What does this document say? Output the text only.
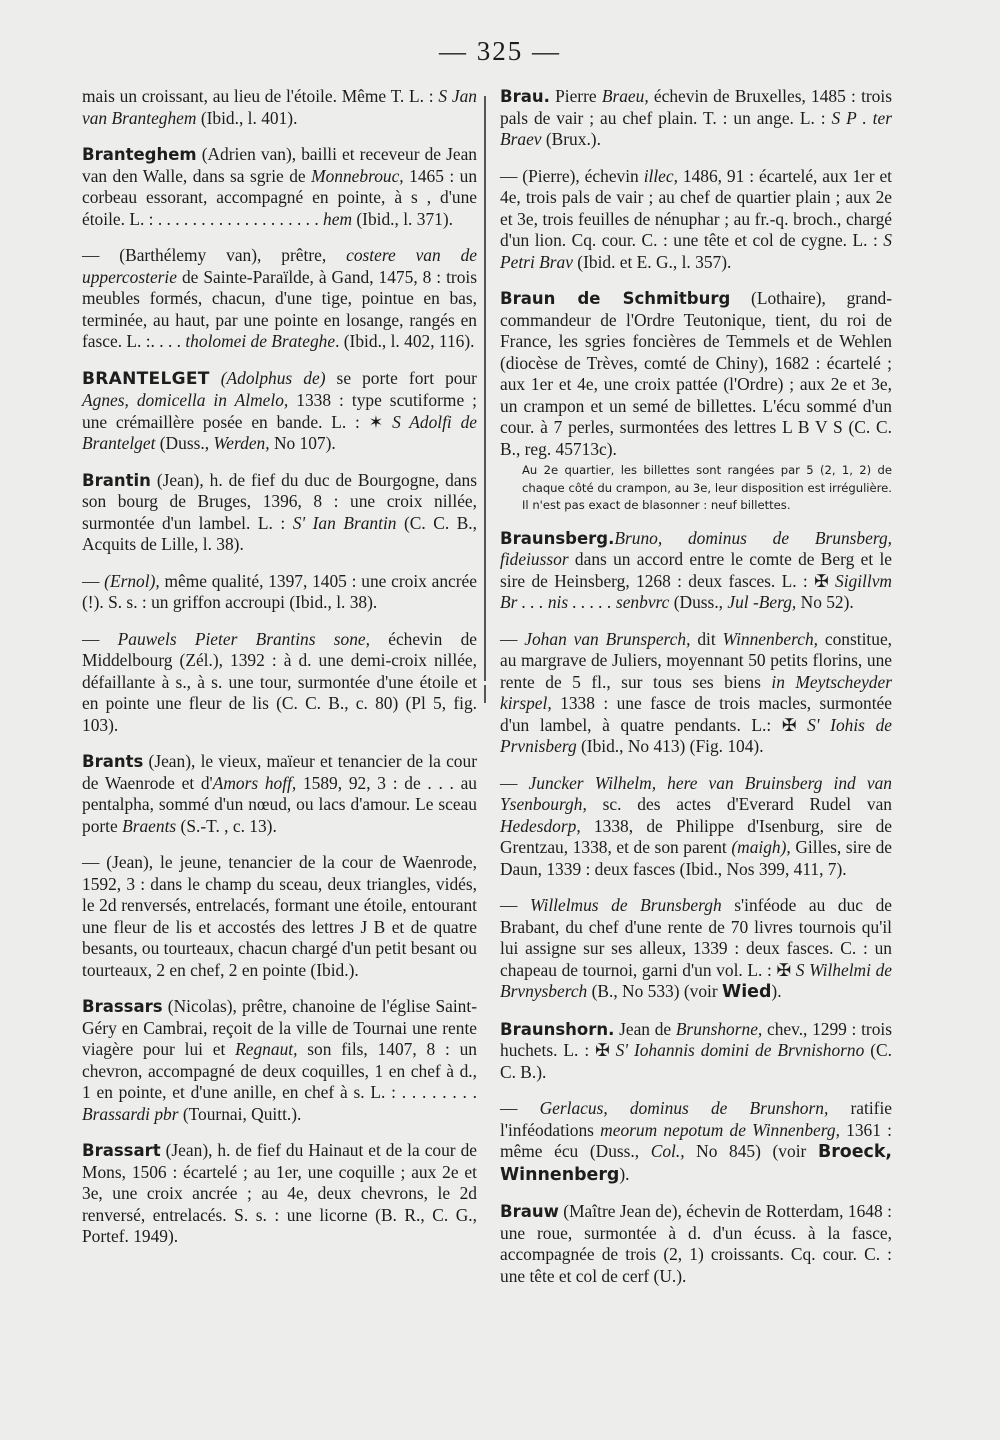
— 325 —

mais un croissant, au lieu de l'étoile. Même T. L. : S Jan van Branteghem (Ibid., l. 401).

Branteghem (Adrien van), bailli et receveur de Jean van den Walle, dans sa sgrie de Monnebrouc, 1465 : un corbeau essorant, accompagné en pointe, à s , d'une étoile. L. : . . . . . . . . . . . . . . . . . . . hem (Ibid., l. 371).

— (Barthélemy van), prêtre, costere van de uppercosterie de Sainte-Paraïlde, à Gand, 1475, 8 : trois meubles formés, chacun, d'une tige, pointue en bas, terminée, au haut, par une pointe en losange, rangés en fasce. L. :. . . . tholomei de Brateghe. (Ibid., l. 402, 116).

BRANTELGET (Adolphus de) se porte fort pour Agnes, domicella in Almelo, 1338 : type scutiforme ; une crémaillère posée en bande. L. : ✶ S Adolfi de Brantelget (Duss., Werden, No 107).

Brantin (Jean), h. de fief du duc de Bourgogne, dans son bourg de Bruges, 1396, 8 : une croix nillée, surmontée d'un lambel. L. : S' Ian Brantin (C. C. B., Acquits de Lille, l. 38).

— (Ernol), même qualité, 1397, 1405 : une croix ancrée (!). S. s. : un griffon accroupi (Ibid., l. 38).

— Pauwels Pieter Brantins sone, échevin de Middelbourg (Zél.), 1392 : à d. une demi-croix nillée, défaillante à s., à s. une tour, surmontée d'une étoile et en pointe une fleur de lis (C. C. B., c. 80) (Pl 5, fig. 103).

Brants (Jean), le vieux, maïeur et tenancier de la cour de Waenrode et d'Amors hoff, 1589, 92, 3 : de . . . au pentalpha, sommé d'un nœud, ou lacs d'amour. Le sceau porte Braents (S.-T. , c. 13).

— (Jean), le jeune, tenancier de la cour de Waenrode, 1592, 3 : dans le champ du sceau, deux triangles, vidés, le 2d renversés, entrelacés, formant une étoile, entourant une fleur de lis et accostés des lettres J B et de quatre besants, ou tourteaux, chacun chargé d'un petit besant ou tourteaux, 2 en chef, 2 en pointe (Ibid.).

Brassars (Nicolas), prêtre, chanoine de l'église Saint-Géry en Cambrai, reçoit de la ville de Tournai une rente viagère pour lui et Regnaut, son fils, 1407, 8 : un chevron, accompagné de deux coquilles, 1 en chef à d., 1 en pointe, et d'une anille, en chef à s. L. : . . . . . . . . Brassardi pbr (Tournai, Quitt.).

Brassart (Jean), h. de fief du Hainaut et de la cour de Mons, 1506 : écartelé ; au 1er, une coquille ; aux 2e et 3e, une croix ancrée ; au 4e, deux chevrons, le 2d renversé, entrelacés. S. s. : une licorne (B. R., C. G., Portef. 1949).

Brau. Pierre Braeu, échevin de Bruxelles, 1485 : trois pals de vair ; au chef plain. T. : un ange. L. : S P . ter Braev (Brux.).

— (Pierre), échevin illec, 1486, 91 : écartelé, aux 1er et 4e, trois pals de vair ; au chef de quartier plain ; aux 2e et 3e, trois feuilles de nénuphar ; au fr.-q. broch., chargé d'un lion. Cq. cour. C. : une tête et col de cygne. L. : S Petri Brav (Ibid. et E. G., l. 357).

Braun de Schmitburg (Lothaire), grand-commandeur de l'Ordre Teutonique, tient, du roi de France, les sgries foncières de Temmels et de Wehlen (diocèse de Trèves, comté de Chiny), 1682 : écartelé ; aux 1er et 4e, une croix pattée (l'Ordre) ; aux 2e et 3e, un crampon et un semé de billettes. L'écu sommé d'un cour. à 7 perles, surmontées des lettres L B V S (C. C. B., reg. 45713c).

Au 2e quartier, les billettes sont rangées par 5 (2, 1, 2) de chaque côté du crampon, au 3e, leur disposition est irrégulière. Il n'est pas exact de blasonner : neuf billettes.

Braunsberg.Bruno, dominus de Brunsberg, fideiussor dans un accord entre le comte de Berg et le sire de Heinsberg, 1268 : deux fasces. L. : ✠ Sigillvm Br . . . nis . . . . . senbvrc (Duss., Jul -Berg, No 52).

— Johan van Brunsperch, dit Winnenberch, constitue, au margrave de Juliers, moyennant 50 petits florins, une rente de 5 fl., sur tous ses biens in Meytscheyder kirspel, 1338 : une fasce de trois macles, surmontée d'un lambel, à quatre pendants. L.: ✠ S' Iohis de Prvnisberg (Ibid., No 413) (Fig. 104).

— Juncker Wilhelm, here van Bruinsberg ind van Ysenbourgh, sc. des actes d'Everard Rudel van Hedesdorp, 1338, de Philippe d'Isenburg, sire de Grentzau, 1338, et de son parent (maigh), Gilles, sire de Daun, 1339 : deux fasces (Ibid., Nos 399, 411, 7).

— Willelmus de Brunsbergh s'inféode au duc de Brabant, du chef d'une rente de 70 livres tournois qu'il lui assigne sur ses alleux, 1339 : deux fasces. C. : un chapeau de tournoi, garni d'un vol. L. : ✠ S Wilhelmi de Brvnysberch (B., No 533) (voir Wied).

Braunshorn. Jean de Brunshorne, chev., 1299 : trois huchets. L. : ✠ S' Iohannis domini de Brvnishorno (C. C. B.).

— Gerlacus, dominus de Brunshorn, ratifie l'inféodations meorum nepotum de Winnenberg, 1361 : même écu (Duss., Col., No 845) (voir Broeck, Winnenberg).

Brauw (Maître Jean de), échevin de Rotterdam, 1648 : une roue, surmontée à d. d'un écuss. à la fasce, accompagnée de trois (2, 1) croissants. Cq. cour. C. : une tête et col de cerf (U.).
